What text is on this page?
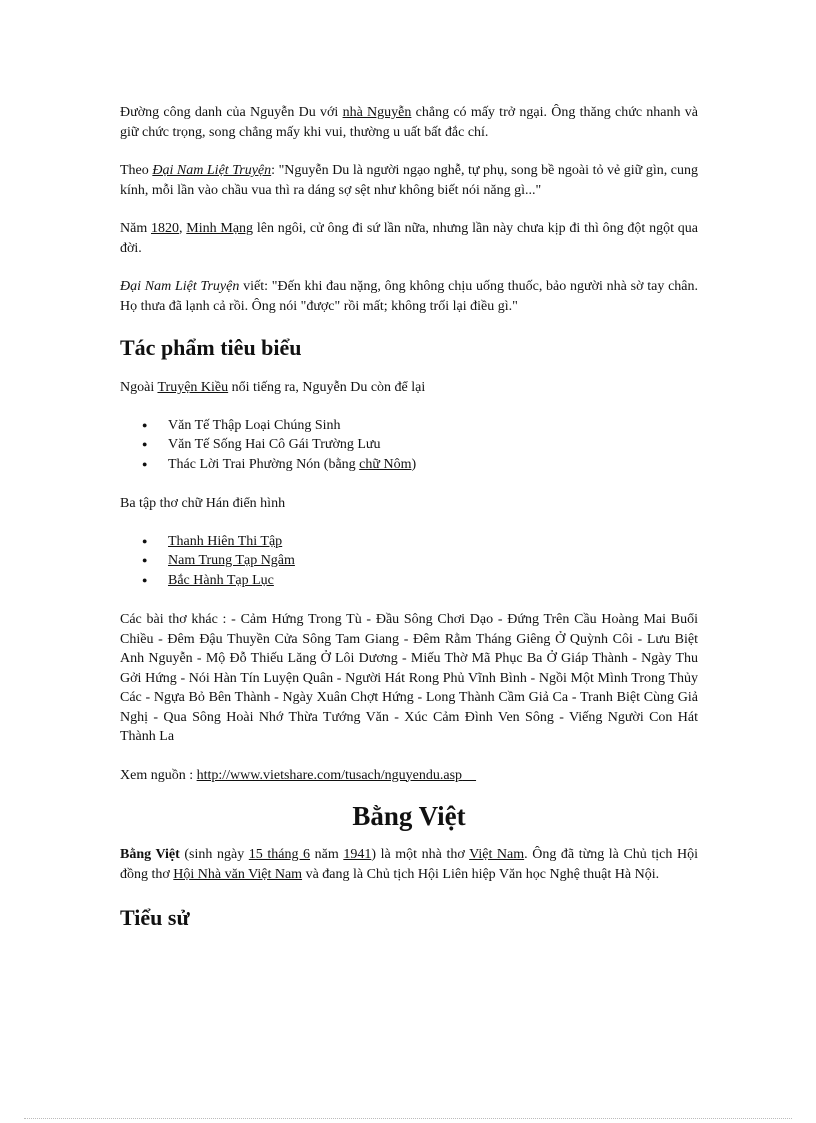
Đường công danh của Nguyễn Du với nhà Nguyễn chẳng có mấy trở ngại. Ông thăng chức nhanh và giữ chức trọng, song chẳng mấy khi vui, thường u uất bất đắc chí.

Theo Đại Nam Liệt Truyện: "Nguyễn Du là người ngạo nghễ, tự phụ, song bề ngoài tỏ vẻ giữ gìn, cung kính, mỗi lần vào chầu vua thì ra dáng sợ sệt như không biết nói năng gì..."

Năm 1820, Minh Mạng lên ngôi, cử ông đi sứ lần nữa, nhưng lần này chưa kịp đi thì ông đột ngột qua đời.

Đại Nam Liệt Truyện viết: "Đến khi đau nặng, ông không chịu uống thuốc, bảo người nhà sờ tay chân. Họ thưa đã lạnh cả rồi. Ông nói "được" rồi mất; không trối lại điều gì."

Tác phẩm tiêu biểu

Ngoài Truyện Kiều nổi tiếng ra, Nguyễn Du còn để lại

● Văn Tế Thập Loại Chúng Sinh
● Văn Tế Sống Hai Cô Gái Trường Lưu
● Thác Lời Trai Phường Nón (bằng chữ Nôm)

Ba tập thơ chữ Hán điển hình

● Thanh Hiên Thi Tập
● Nam Trung Tạp Ngâm
● Bắc Hành Tạp Lục

Các bài thơ khác : - Cảm Hứng Trong Tù - Đầu Sông Chơi Dạo - Đứng Trên Cầu Hoàng Mai Buổi Chiều - Đêm Đậu Thuyền Cửa Sông Tam Giang - Đêm Rằm Tháng Giêng Ở Quỳnh Côi - Lưu Biệt Anh Nguyễn - Mộ Đỗ Thiếu Lăng Ở Lôi Dương - Miếu Thờ Mã Phục Ba Ở Giáp Thành - Ngày Thu Gởi Hứng - Nói Hàn Tín Luyện Quân - Người Hát Rong Phủ Vĩnh Bình - Ngồi Một Mình Trong Thủy Các - Ngựa Bỏ Bên Thành - Ngày Xuân Chợt Hứng - Long Thành Cầm Giả Ca - Tranh Biệt Cùng Giả Nghị - Qua Sông Hoài Nhớ Thừa Tướng Văn - Xúc Cảm Đình Ven Sông - Viếng Người Con Hát Thành La

Xem nguồn : http://www.vietshare.com/tusach/nguyendu.asp

Bằng Việt

Bằng Việt (sinh ngày 15 tháng 6 năm 1941) là một nhà thơ Việt Nam. Ông đã từng là Chủ tịch Hội đồng thơ Hội Nhà văn Việt Nam và đang là Chủ tịch Hội Liên hiệp Văn học Nghệ thuật Hà Nội.

Tiểu sử
